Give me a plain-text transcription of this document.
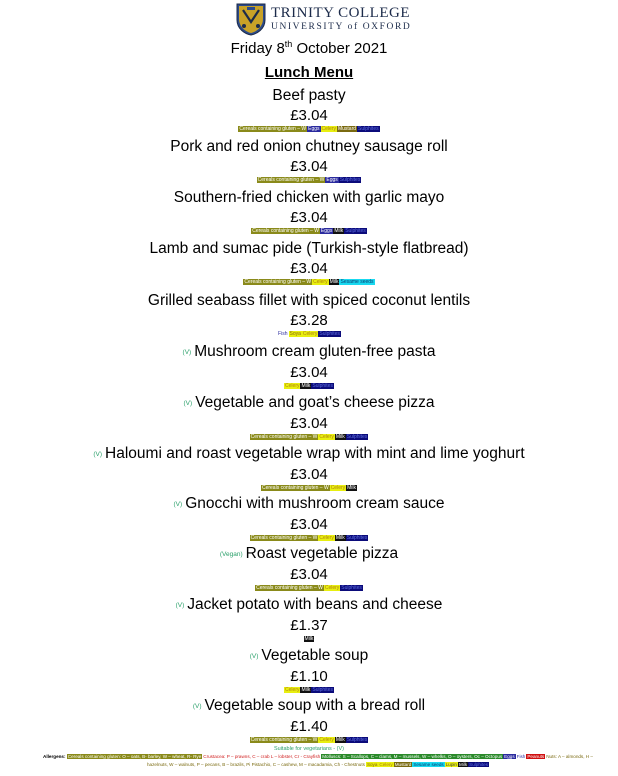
TRINITY COLLEGE
UNIVERSITY of OXFORD
Friday 8th October 2021
Lunch Menu
Beef pasty
£3.04
Cereals containing gluten – W Eggs Celery Mustard Sulphites
Pork and red onion chutney sausage roll
£3.04
Cereals containing gluten – W Eggs Sulphites
Southern-fried chicken with garlic mayo
£3.04
Cereals containing gluten – W Eggs Milk Sulphites
Lamb and sumac pide (Turkish-style flatbread)
£3.04
Cereals containing gluten – W Celery Milk Sesame seeds
Grilled seabass fillet with spiced coconut lentils
£3.28
Fish Soya Celery Sulphites
(V) Mushroom cream gluten-free pasta
£3.04
Celery Milk Sulphites
(V) Vegetable and goat’s cheese pizza
£3.04
Cereals containing gluten – W Celery Milk Sulphites
(V) Haloumi and roast vegetable wrap with mint and lime yoghurt
£3.04
Cereals containing gluten – W Celery Milk
(V) Gnocchi with mushroom cream sauce
£3.04
Cereals containing gluten – W Celery Milk Sulphites
(Vegan) Roast vegetable pizza
£3.04
Cereals containing gluten – W Celery Sulphites
(V) Jacket potato with beans and cheese
£1.37
Milk
(V) Vegetable soup
£1.10
Celery Milk Sulphites
(V) Vegetable soup with a bread roll
£1.40
Cereals containing gluten – W Celery Milk Sulphites
Suitable for vegetarians - (V)
Allergens: Cereals containing gluten: O – oats, B- barley, W – wheat, R- Rye Crustacea: P – prawns, C – crab L – lobster, Cr - Crayfish Molluscs: S – Scallops, C – clams, M – mussels, W – whelks, O – oysters, Oc – Octopus Eggs Fish Peanuts Nuts: A – almonds, H – hazelnuts, W – walnuts, P – pecans, B – brazils, Pi Pistachio, C – cashew, M – macadamia, Ch - Chestnuts Soya Celery Mustard Sesame seeds Lupin Milk Sulphites
